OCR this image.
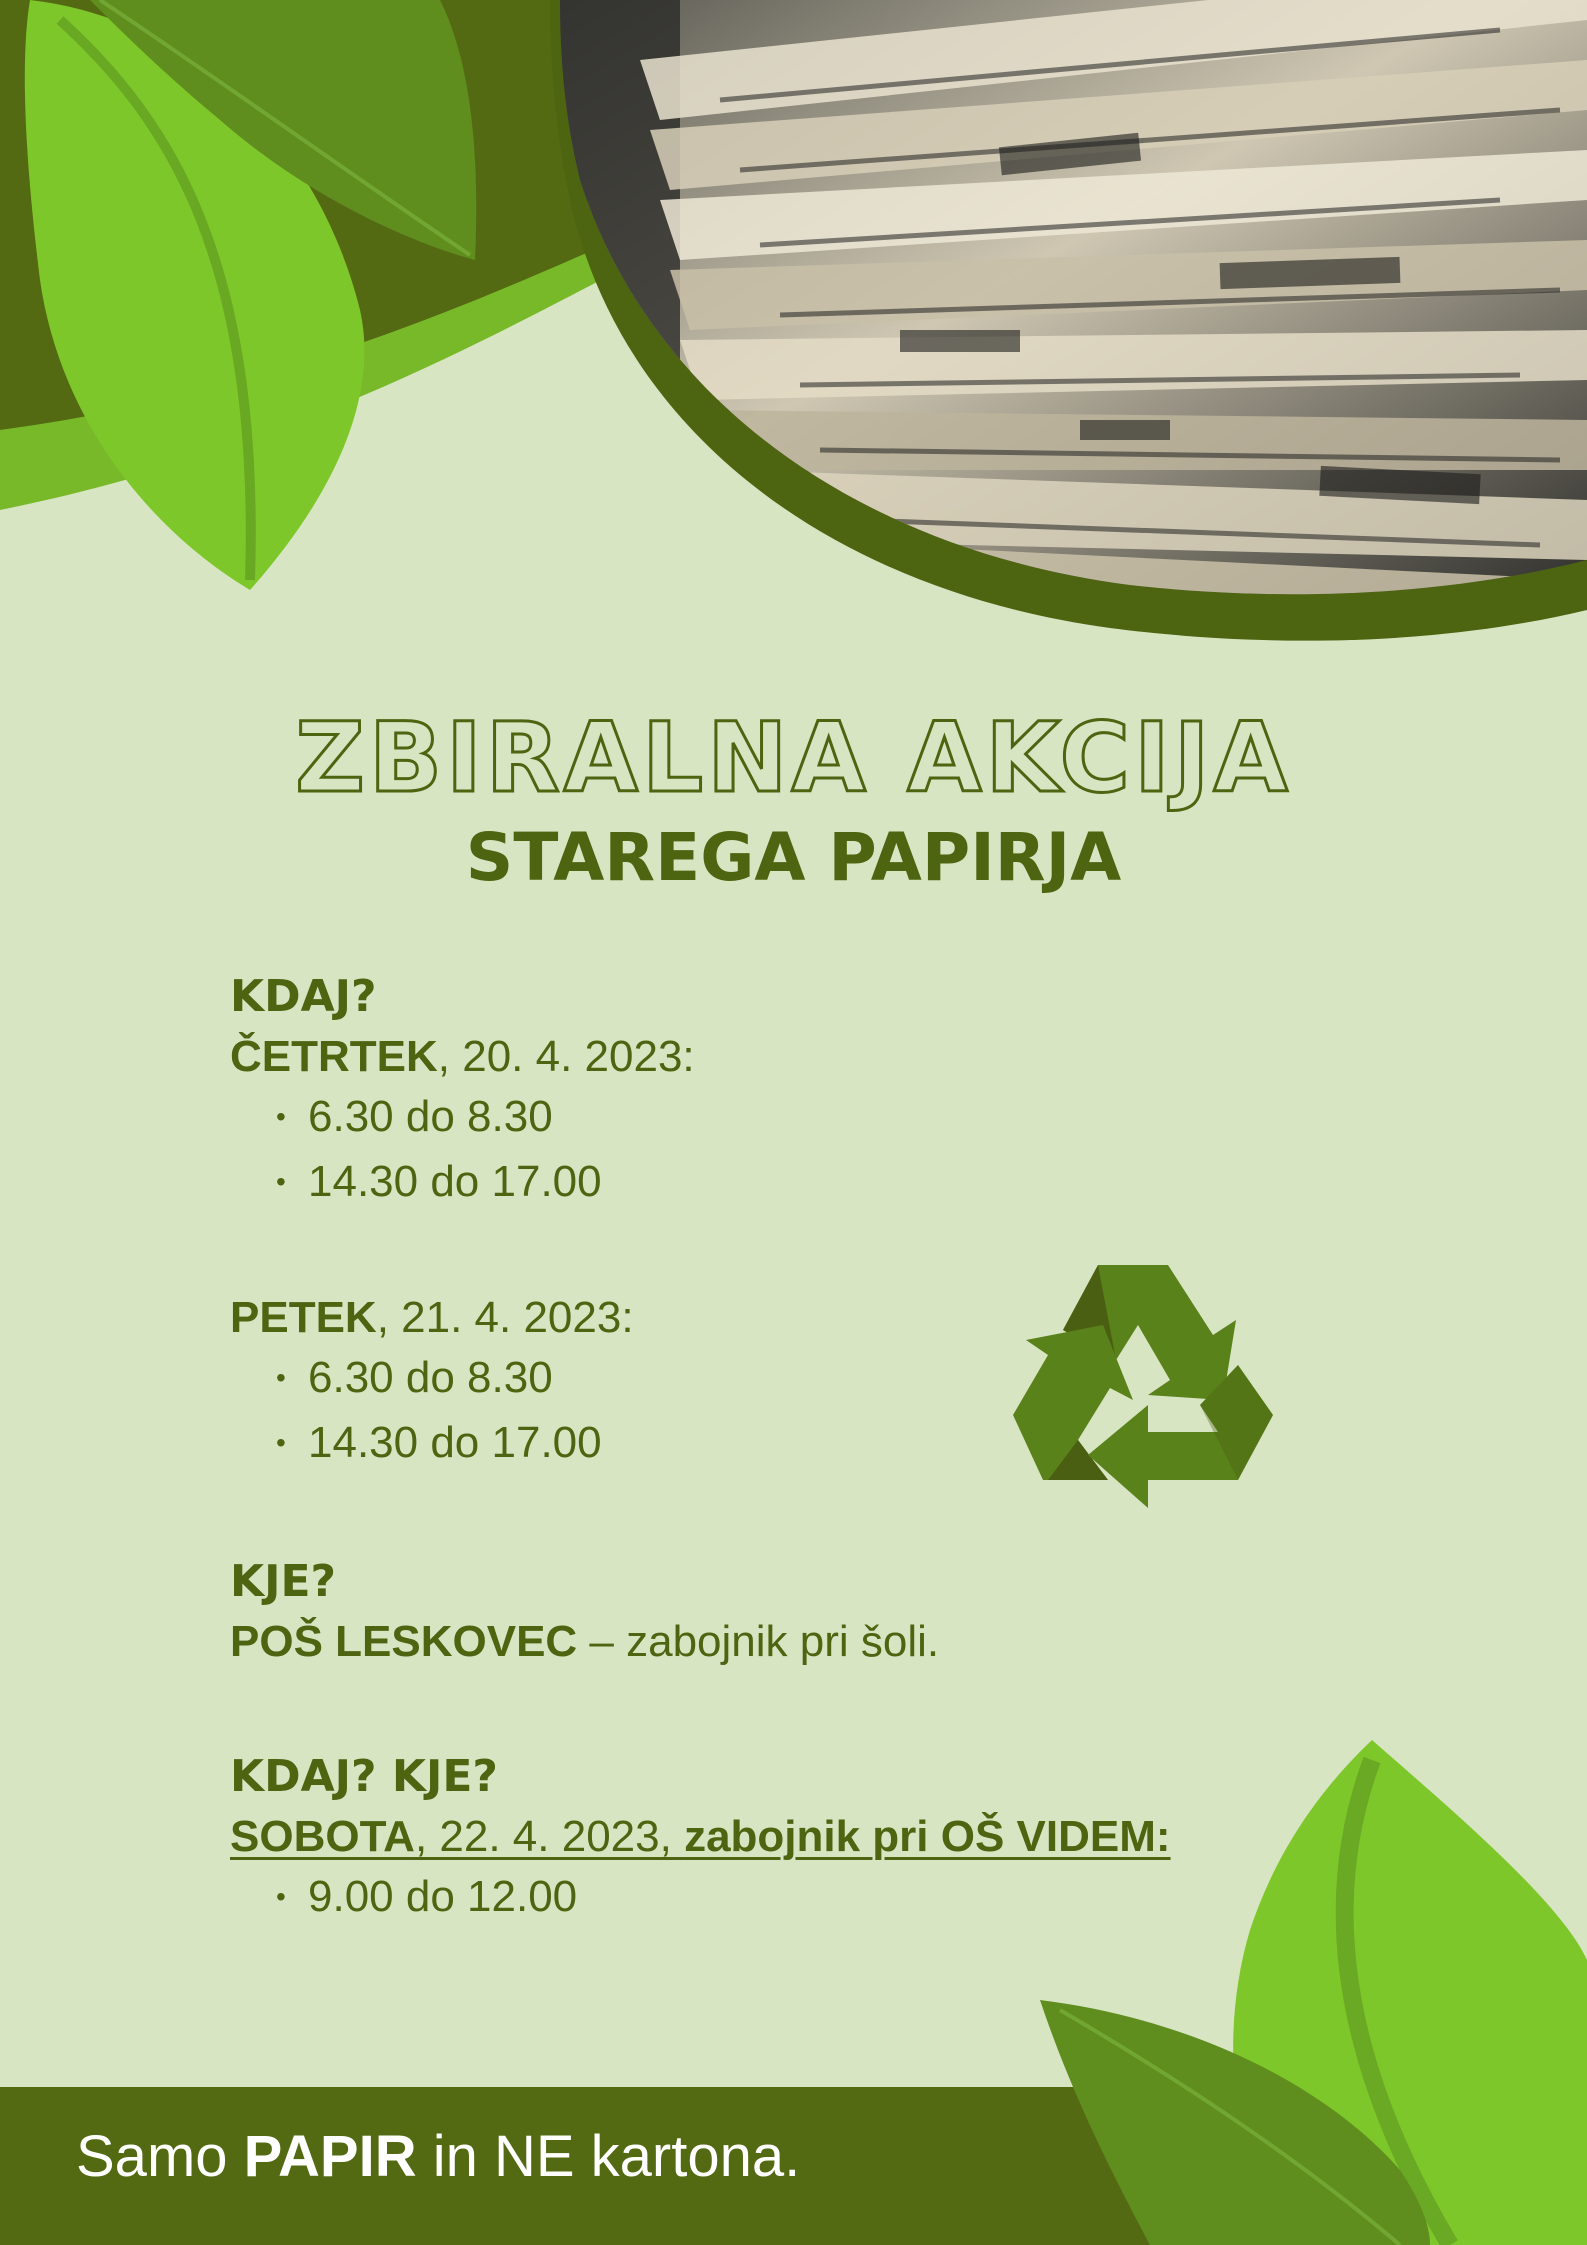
ZBIRALNA AKCIJA
STAREGA PAPIRJA
KDAJ?
ČETRTEK, 20. 4. 2023:
• 6.30 do 8.30
• 14.30 do 17.00
PETEK, 21. 4. 2023:
• 6.30 do 8.30
• 14.30 do 17.00
KJE?
POŠ LESKOVEC – zabojnik pri šoli.
KDAJ? KJE?
SOBOTA, 22. 4. 2023, zabojnik pri OŠ VIDEM:
• 9.00 do 12.00
Samo PAPIR in NE kartona.
